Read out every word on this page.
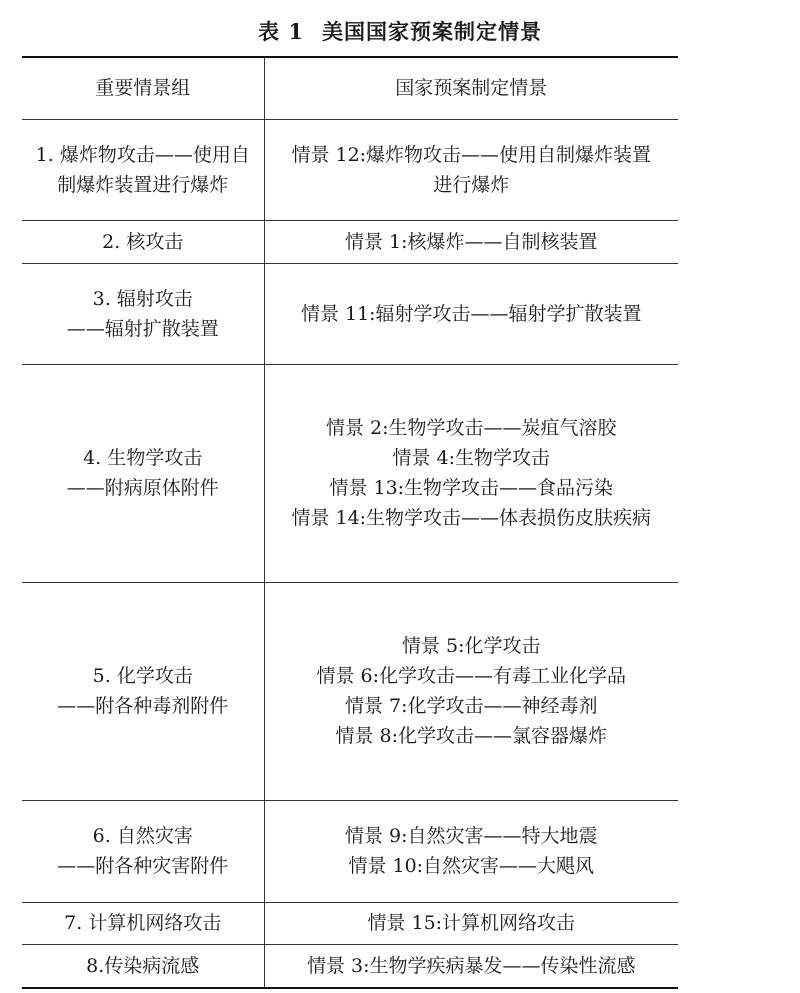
表 1 美国国家预案制定情景
重要情景组	国家预案制定情景

1. 爆炸物攻击——使用自
制爆炸装置进行爆炸	情景 12:爆炸物攻击——使用自制爆炸装置
进行爆炸

2. 核攻击	情景 1:核爆炸——自制核装置

3. 辐射攻击
——辐射扩散装置	情景 11:辐射学攻击——辐射学扩散装置

4. 生物学攻击
——附病原体附件	情景 2:生物学攻击——炭疽气溶胶
情景 4:生物学攻击
情景 13:生物学攻击——食品污染
情景 14:生物学攻击——体表损伤皮肤疾病

5. 化学攻击
——附各种毒剂附件	情景 5:化学攻击
情景 6:化学攻击——有毒工业化学品
情景 7:化学攻击——神经毒剂
情景 8:化学攻击——氯容器爆炸

6. 自然灾害
——附各种灾害附件	情景 9:自然灾害——特大地震
情景 10:自然灾害——大飓风

7. 计算机网络攻击	情景 15:计算机网络攻击

8.传染病流感	情景 3:生物学疾病暴发——传染性流感
